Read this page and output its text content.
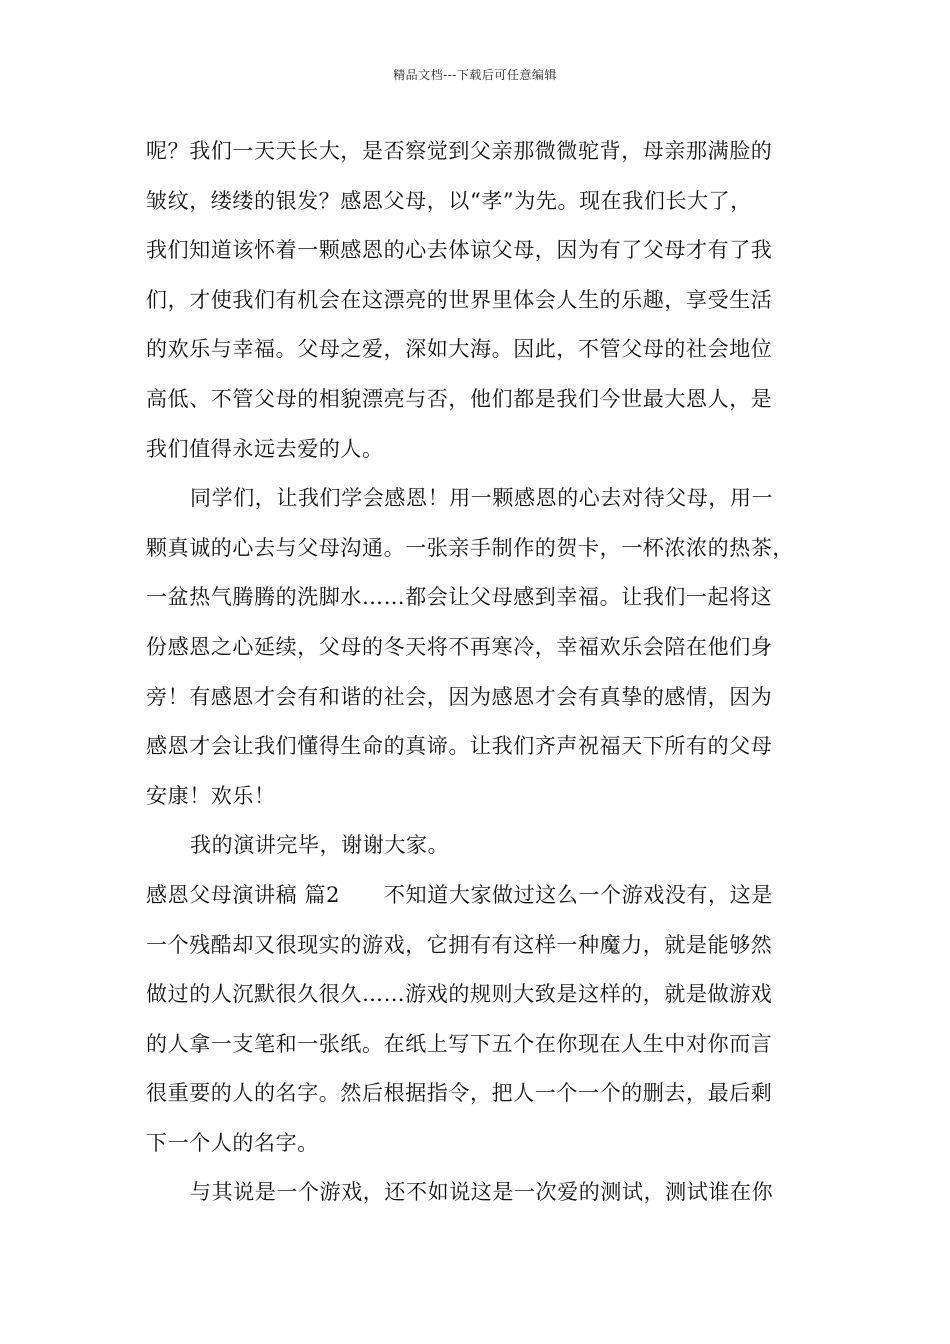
精品文档---下载后可任意编辑
呢？我们一天天长大，是否察觉到父亲那微微驼背，母亲那满脸的
皱纹，缕缕的银发？感恩父母，以“孝”为先。现在我们长大了，
我们知道该怀着一颗感恩的心去体谅父母，因为有了父母才有了我
们，才使我们有机会在这漂亮的世界里体会人生的乐趣，享受生活
的欢乐与幸福。父母之爱，深如大海。因此，不管父母的社会地位
高低、不管父母的相貌漂亮与否，他们都是我们今世最大恩人，是
我们值得永远去爱的人。
同学们，让我们学会感恩！用一颗感恩的心去对待父母，用一
颗真诚的心去与父母沟通。一张亲手制作的贺卡，一杯浓浓的热茶，
一盆热气腾腾的洗脚水……都会让父母感到幸福。让我们一起将这
份感恩之心延续，父母的冬天将不再寒冷，幸福欢乐会陪在他们身
旁！有感恩才会有和谐的社会，因为感恩才会有真挚的感情，因为
感恩才会让我们懂得生命的真谛。让我们齐声祝福天下所有的父母
安康！欢乐！
我的演讲完毕，谢谢大家。
感恩父母演讲稿 篇2 不知道大家做过这么一个游戏没有，这是
一个残酷却又很现实的游戏，它拥有有这样一种魔力，就是能够然
做过的人沉默很久很久……游戏的规则大致是这样的，就是做游戏
的人拿一支笔和一张纸。在纸上写下五个在你现在人生中对你而言
很重要的人的名字。然后根据指令，把人一个一个的删去，最后剩
下一个人的名字。
与其说是一个游戏，还不如说这是一次爱的测试，测试谁在你
